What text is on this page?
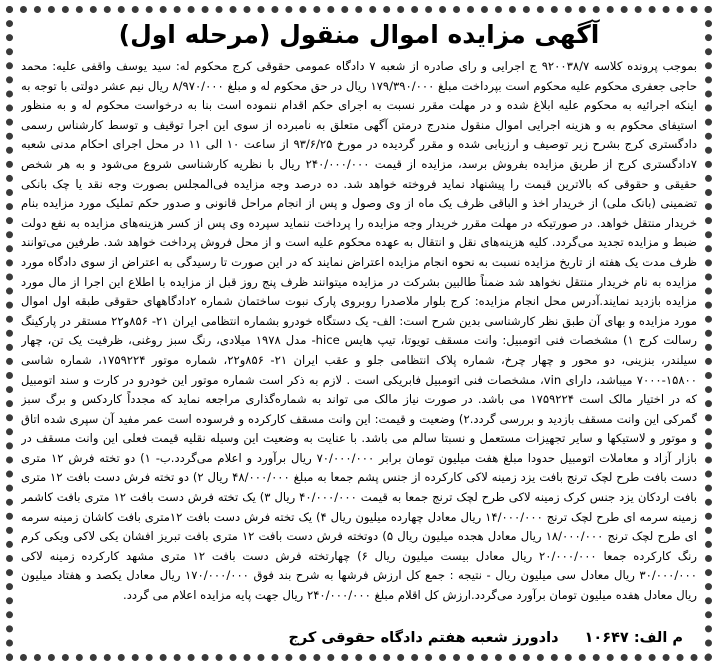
آگهی مزایده اموال منقول (مرحله اول)

بموجب پرونده کلاسه ۹۲۰۰۳۸/۷ ج اجرایی و رای صادره از شعبه ۷ دادگاه عمومی حقوقی کرج محکوم له: سید یوسف واقفی علیه: محمد حاجی جعفری محکوم علیه محکوم است بپرداخت مبلغ ۱۷۹/۳۹۰/۰۰۰ ریال در حق محکوم له و مبلغ ۸/۹۷۰/۰۰۰ ریال نیم عشر دولتی با توجه به اینکه اجرائیه به محکوم علیه ابلاغ شده و در مهلت مقرر نسبت به اجرای حکم اقدام ننموده است بنا به درخواست محکوم له و به منظور استیفای محکوم به و هزینه اجرایی اموال منقول مندرج درمتن آگهی متعلق به نامبرده از سوی این اجرا توقیف و توسط کارشناس رسمی دادگستری کرج بشرح زیر توصیف و ارزیابی شده و مقرر گردیده در مورخ ۹۳/۶/۲۵ از ساعت ۱۰ الی ۱۱ در محل اجرای احکام مدنی شعبه ۷دادگستری کرج از طریق مزایده بفروش برسد، مزایده از قیمت ۲۴۰/۰۰۰/۰۰۰ ریال با نظریه کارشناسی شروع می‌شود و به هر شخص حقیقی و حقوقی که بالاترین قیمت را پیشنهاد نماید فروخته خواهد شد. ده درصد وجه مزایده فی‌المجلس بصورت وجه نقد یا چک بانکی تضمینی (بانک ملی) از خریدار اخذ و الباقی ظرف یک ماه از وی وصول و پس از انجام مراحل قانونی و صدور حکم تملیک مورد مزایده بنام خریدار منتقل خواهد. در صورتیکه در مهلت مقرر خریدار وجه مزایده را پرداخت ننماید سپرده وی پس از کسر هزینه‌های مزایده به نفع دولت ضبط و مزایده تجدید می‌گردد. کلیه هزینه‌های نقل و انتقال به عهده محکوم علیه است و از محل فروش پرداخت خواهد شد. طرفین می‌توانند ظرف مدت یک هفته از تاریخ مزایده نسبت به نحوه انجام مزایده اعتراض نمایند که در این صورت تا رسیدگی به اعتراض از سوی دادگاه مورد مزایده به نام خریدار منتقل نخواهد شد ضمناً طالبین بشرکت در مزایده میتوانند ظرف پنج روز قبل از مزایده با اطلاع این اجرا از مال مورد مزایده بازدید نمایند.آدرس محل انجام مزایده: کرج بلوار ملاصدرا روبروی پارک نبوت ساختمان شماره ۲دادگاههای حقوقی طبقه اول اموال مورد مزایده و بهای آن طبق نظر کارشناسی بدین شرح است: الف- یک دستگاه خودرو بشماره انتظامی ایران ۲۱- ۸۵۶و۲۲ مستقر در پارکینگ رسالت کرج ۱) مشخصات فنی اتومبیل: وانت مسقف تویوتا، تیپ هایس hice- مدل ۱۹۷۸ میلادی، رنگ سبز روغنی، ظرفیت یک تن، چهار سیلندر، بنزینی، دو محور و چهار چرخ، شماره پلاک انتظامی جلو و عقب ایران ۲۱- ۸۵۶و۲۲، شماره موتور ۱۷۵۹۲۲۴، شماره شاسی ۱۵۸۰۰-۷۰۰۰ میباشد، دارای vin، مشخصات فنی اتومبیل فابریکی است . لازم به ذکر است شماره موتور این خودرو در کارت و سند اتومبیل که در اختیار مالک است ۱۷۵۹۲۲۴ می باشد. در صورت نیاز مالک می تواند به شماره‌گذاری مراجعه نماید که مجدداً کاردکس و برگ سبز گمرکی این وانت مسقف بازدید و بررسی گردد.۲) وضعیت و قیمت: این وانت مسقف کارکرده و فرسوده است عمر مفید آن سپری شده اتاق و موتور و لاستیکها و سایر تجهیزات مستعمل و نسبتا سالم می باشد. با عنایت به وضعیت این وسیله نقلیه قیمت فعلی این وانت مسقف در بازار آزاد و معاملات اتومبیل حدودا مبلغ هفت میلیون تومان برابر ۷۰/۰۰۰/۰۰۰ ریال برآورد و اعلام می‌گردد.ب- ۱) دو تخته فرش ۱۲ متری دست بافت طرح لچک ترنج بافت یزد زمینه لاکی کارکرده از جنس پشم جمعا به مبلغ ۴۸/۰۰۰/۰۰۰ ریال ۲) دو تخته فرش دست بافت ۱۲ متری بافت اردکان یزد جنس کرک زمینه لاکی طرح لچک ترنج جمعا به قیمت ۴۰/۰۰۰/۰۰۰ ریال ۳) یک تخته فرش دست بافت ۱۲ متری بافت کاشمر زمینه سرمه ای طرح لچک ترنج ۱۴/۰۰۰/۰۰۰ ریال معادل چهارده میلیون ریال ۴) یک تخته فرش دست بافت ۱۲متری بافت کاشان زمینه سرمه ای طرح لچک ترنج ۱۸/۰۰۰/۰۰۰ ریال معادل هجده میلیون ریال ۵) دوتخته فرش دست بافت ۱۲ متری بافت تبریز افشان یکی لاکی ویکی کرم رنگ کارکرده جمعا ۲۰/۰۰۰/۰۰۰ ریال معادل بیست میلیون ریال ۶) چهارتخته فرش دست بافت ۱۲ متری مشهد کارکرده زمینه لاکی ۳۰/۰۰۰/۰۰۰ ریال معادل سی میلیون ریال - نتیجه : جمع کل ارزش فرشها به شرح بند فوق ۱۷۰/۰۰۰/۰۰۰ ریال معادل یکصد و هفتاد میلیون ریال معادل هفده میلیون تومان برآورد می‌گردد.ارزش کل اقلام مبلغ ۲۴۰/۰۰۰/۰۰۰ ریال جهت پایه مزایده اعلام می گردد.

م الف: ۱۰۶۴۷
دادورز شعبه هفتم دادگاه حقوقی کرج
